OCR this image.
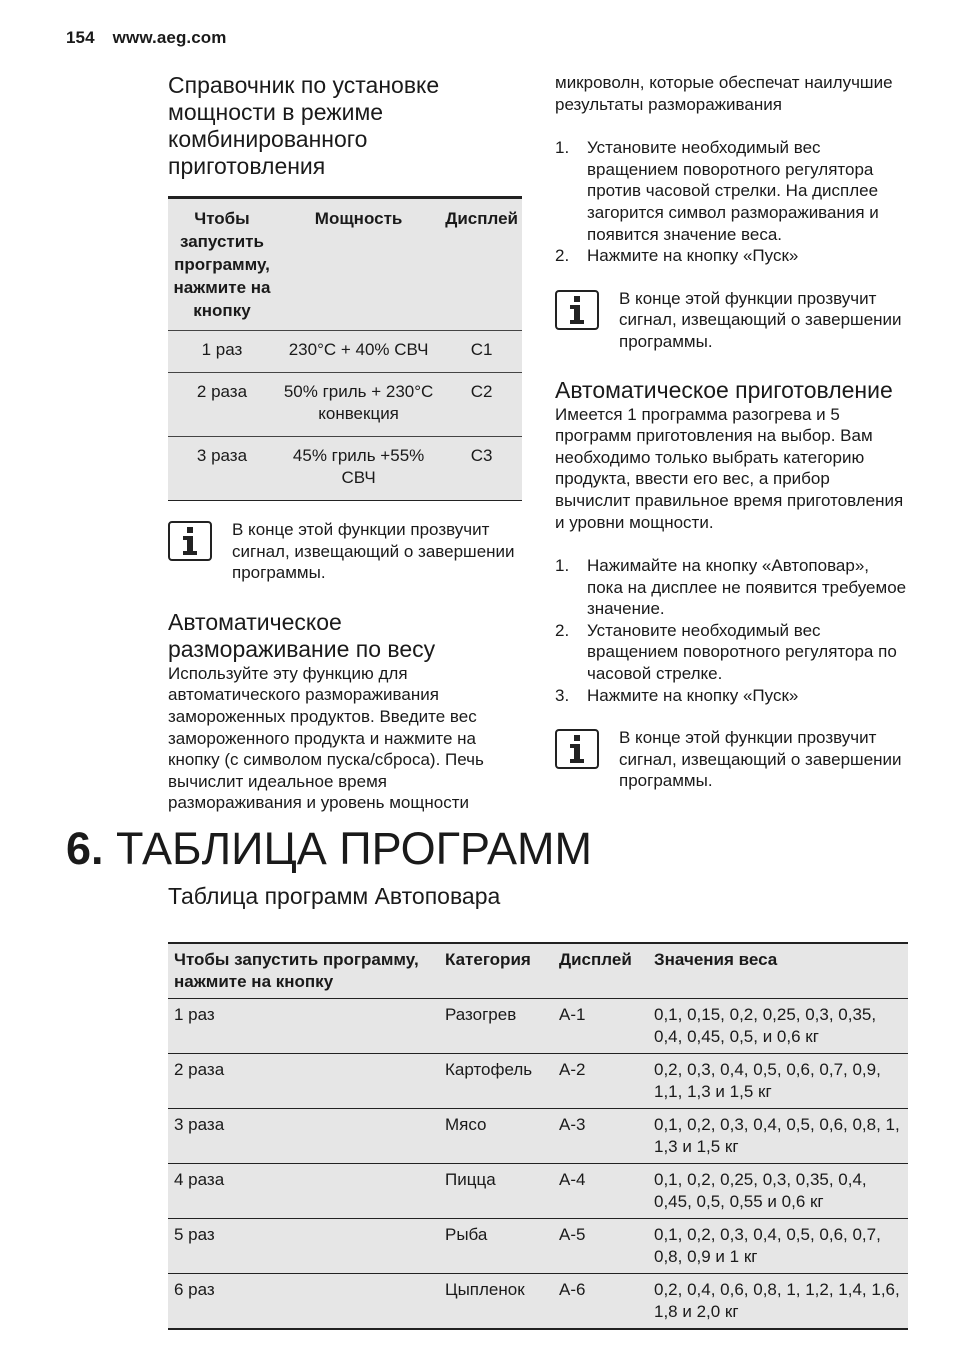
154 www.aeg.com
Справочник по установке мощности в режиме комбинированного приготовления
Чтобы запустить программу, нажмите на кнопку	Мощность	Дисплей
1 раз	230°C + 40% СВЧ	C1
2 раза	50% гриль + 230°C конвекция	C2
3 раза	45% гриль +55% СВЧ	C3
В конце этой функции прозвучит сигнал, извещающий о завершении программы.
Автоматическое размораживание по весу
Используйте эту функцию для автоматического размораживания замороженных продуктов. Введите вес замороженного продукта и нажмите на кнопку (с символом пуска/сброса). Печь вычислит идеальное время размораживания и уровень мощности
микроволн, которые обеспечат наилучшие результаты размораживания
1. Установите необходимый вес вращением поворотного регулятора против часовой стрелки. На дисплее загорится символ размораживания и появится значение веса.
2. Нажмите на кнопку «Пуск»
В конце этой функции прозвучит сигнал, извещающий о завершении программы.
Автоматическое приготовление
Имеется 1 программа разогрева и 5 программ приготовления на выбор. Вам необходимо только выбрать категорию продукта, ввести его вес, а прибор вычислит правильное время приготовления и уровни мощности.
1. Нажимайте на кнопку «Автоповар», пока на дисплее не появится требуемое значение.
2. Установите необходимый вес вращением поворотного регулятора по часовой стрелке.
3. Нажмите на кнопку «Пуск»
В конце этой функции прозвучит сигнал, извещающий о завершении программы.
6. ТАБЛИЦА ПРОГРАММ
Таблица программ Автоповара
Чтобы запустить программу, нажмите на кнопку	Категория	Дисплей	Значения веса
1 раз	Разогрев	A-1	0,1, 0,15, 0,2, 0,25, 0,3, 0,35, 0,4, 0,45, 0,5, и 0,6 кг
2 раза	Картофель	A-2	0,2, 0,3, 0,4, 0,5, 0,6, 0,7, 0,9, 1,1, 1,3 и 1,5 кг
3 раза	Мясо	A-3	0,1, 0,2, 0,3, 0,4, 0,5, 0,6, 0,8, 1, 1,3 и 1,5 кг
4 раза	Пицца	A-4	0,1, 0,2, 0,25, 0,3, 0,35, 0,4, 0,45, 0,5, 0,55 и 0,6 кг
5 раз	Рыба	A-5	0,1, 0,2, 0,3, 0,4, 0,5, 0,6, 0,7, 0,8, 0,9 и 1 кг
6 раз	Цыпленок	A-6	0,2, 0,4, 0,6, 0,8, 1, 1,2, 1,4, 1,6, 1,8 и 2,0 кг
